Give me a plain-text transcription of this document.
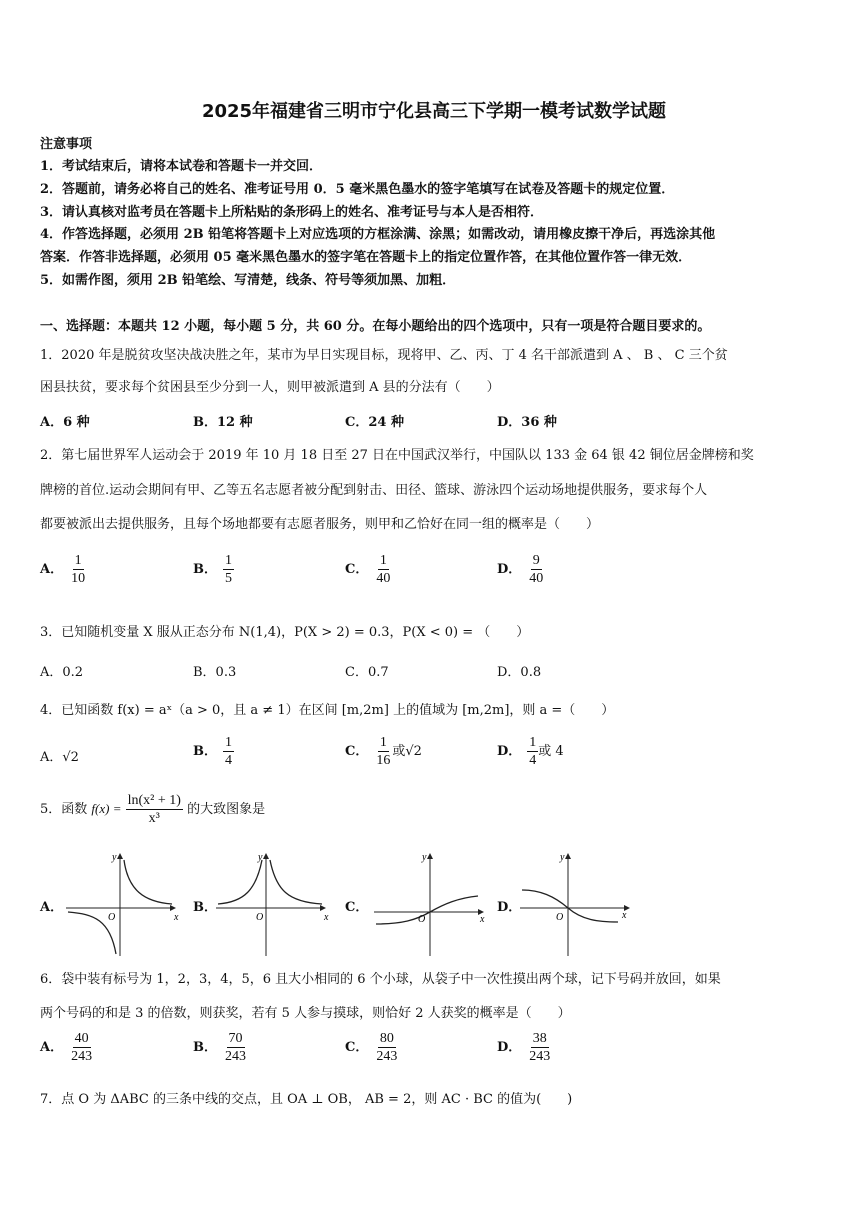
2025年福建省三明市宁化县高三下学期一模考试数学试题
注意事项
1．考试结束后，请将本试卷和答题卡一并交回．
2．答题前，请务必将自己的姓名、准考证号用 0．5 毫米黑色墨水的签字笔填写在试卷及答题卡的规定位置．
3．请认真核对监考员在答题卡上所粘贴的条形码上的姓名、准考证号与本人是否相符．
4．作答选择题，必须用 2B 铅笔将答题卡上对应选项的方框涂满、涂黑；如需改动，请用橡皮擦干净后，再选涂其他
答案．作答非选择题，必须用 05 毫米黑色墨水的签字笔在答题卡上的指定位置作答，在其他位置作答一律无效．
5．如需作图，须用 2B 铅笔绘、写清楚，线条、符号等须加黑、加粗．
一、选择题：本题共 12 小题，每小题 5 分，共 60 分。在每小题给出的四个选项中，只有一项是符合题目要求的。
1．2020 年是脱贫攻坚决战决胜之年，某市为早日实现目标，现将甲、乙、丙、丁 4 名干部派遣到 A 、 B 、 C 三个贫
困县扶贫，要求每个贫困县至少分到一人，则甲被派遣到 A 县的分法有（　　）
A．6 种	B．12 种	C．24 种	D．36 种
2．第七届世界军人运动会于 2019 年 10 月 18 日至 27 日在中国武汉举行，中国队以 133 金 64 银 42 铜位居金牌榜和奖
牌榜的首位.运动会期间有甲、乙等五名志愿者被分配到射击、田径、篮球、游泳四个运动场地提供服务，要求每个人
都要被派出去提供服务，且每个场地都要有志愿者服务，则甲和乙恰好在同一组的概率是（　　）
A． $\frac{1}{10}$	B． $\frac{1}{5}$	C． $\frac{1}{40}$	D． $\frac{9}{40}$
3．已知随机变量 X 服从正态分布 N(1,4)，P(X > 2) = 0.3，P(X < 0) = （　　）
A．0.2	B．0.3	C．0.7	D．0.8
4．已知函数 f(x) = aˣ（a > 0，且 a ≠ 1）在区间 [m,2m] 上的值域为 [m,2m]，则 a =（　　）
A．√2	B． $\frac{1}{4}$	C． $\frac{1}{16}$ 或√2	D． $\frac{1}{4}$ 或 4
5．函数 $f(x) = \frac{\text{ln(x² + 1)}}{\text{x³}}$ 的大致图象是
A．	B．	C．	D．
y
x
O
y
x
O
y
x
O
y
x
O
6．袋中装有标号为 1，2，3，4，5，6 且大小相同的 6 个小球，从袋子中一次性摸出两个球，记下号码并放回，如果
两个号码的和是 3 的倍数，则获奖，若有 5 人参与摸球，则恰好 2 人获奖的概率是（　　）
A． $\frac{40}{243}$	B． $\frac{70}{243}$	C． $\frac{80}{243}$	D． $\frac{38}{243}$
7．点 O 为 ΔABC 的三条中线的交点，且 OA ⊥ OB， AB = 2，则 AC · BC 的值为(　　)
